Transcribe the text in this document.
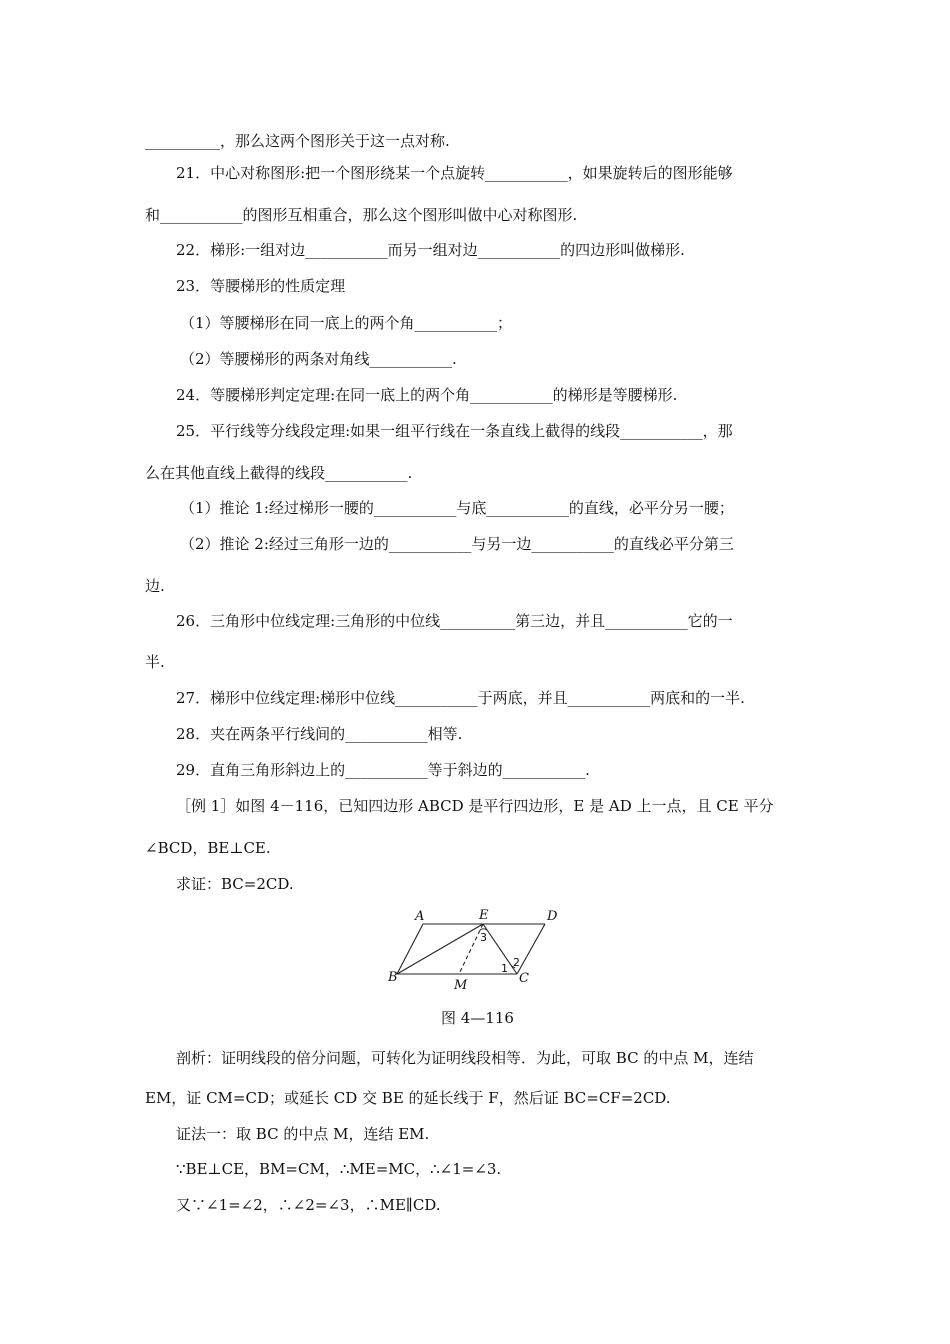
__________，那么这两个图形关于这一点对称.
21．中心对称图形:把一个图形绕某一个点旋转___________，如果旋转后的图形能够
和___________的图形互相重合，那么这个图形叫做中心对称图形.
22．梯形:一组对边___________而另一组对边___________的四边形叫做梯形.
23．等腰梯形的性质定理
（1）等腰梯形在同一底上的两个角___________；
（2）等腰梯形的两条对角线___________.
24．等腰梯形判定定理:在同一底上的两个角___________的梯形是等腰梯形.
25．平行线等分线段定理:如果一组平行线在一条直线上截得的线段___________，那
么在其他直线上截得的线段___________.
（1）推论 1:经过梯形一腰的___________与底___________的直线，必平分另一腰；
（2）推论 2:经过三角形一边的___________与另一边___________的直线必平分第三
边.
26．三角形中位线定理:三角形的中位线__________第三边，并且___________它的一
半.
27．梯形中位线定理:梯形中位线___________于两底，并且___________两底和的一半.
28．夹在两条平行线间的___________相等.
29．直角三角形斜边上的___________等于斜边的___________.
［例 1］如图 4－116，已知四边形 ABCD 是平行四边形，E 是 AD 上一点，且 CE 平分
∠BCD，BE⊥CE.
求证：BC=2CD.
A	E	D
B
M	C
3
1 2
图 4—116
剖析：证明线段的倍分问题，可转化为证明线段相等．为此，可取 BC 的中点 M，连结
EM，证 CM=CD；或延长 CD 交 BE 的延长线于 F，然后证 BC=CF=2CD.
证法一：取 BC 的中点 M，连结 EM.
∵BE⊥CE，BM=CM，∴ME=MC，∴∠1=∠3.
又∵∠1=∠2，∴∠2=∠3，∴ME∥CD.
